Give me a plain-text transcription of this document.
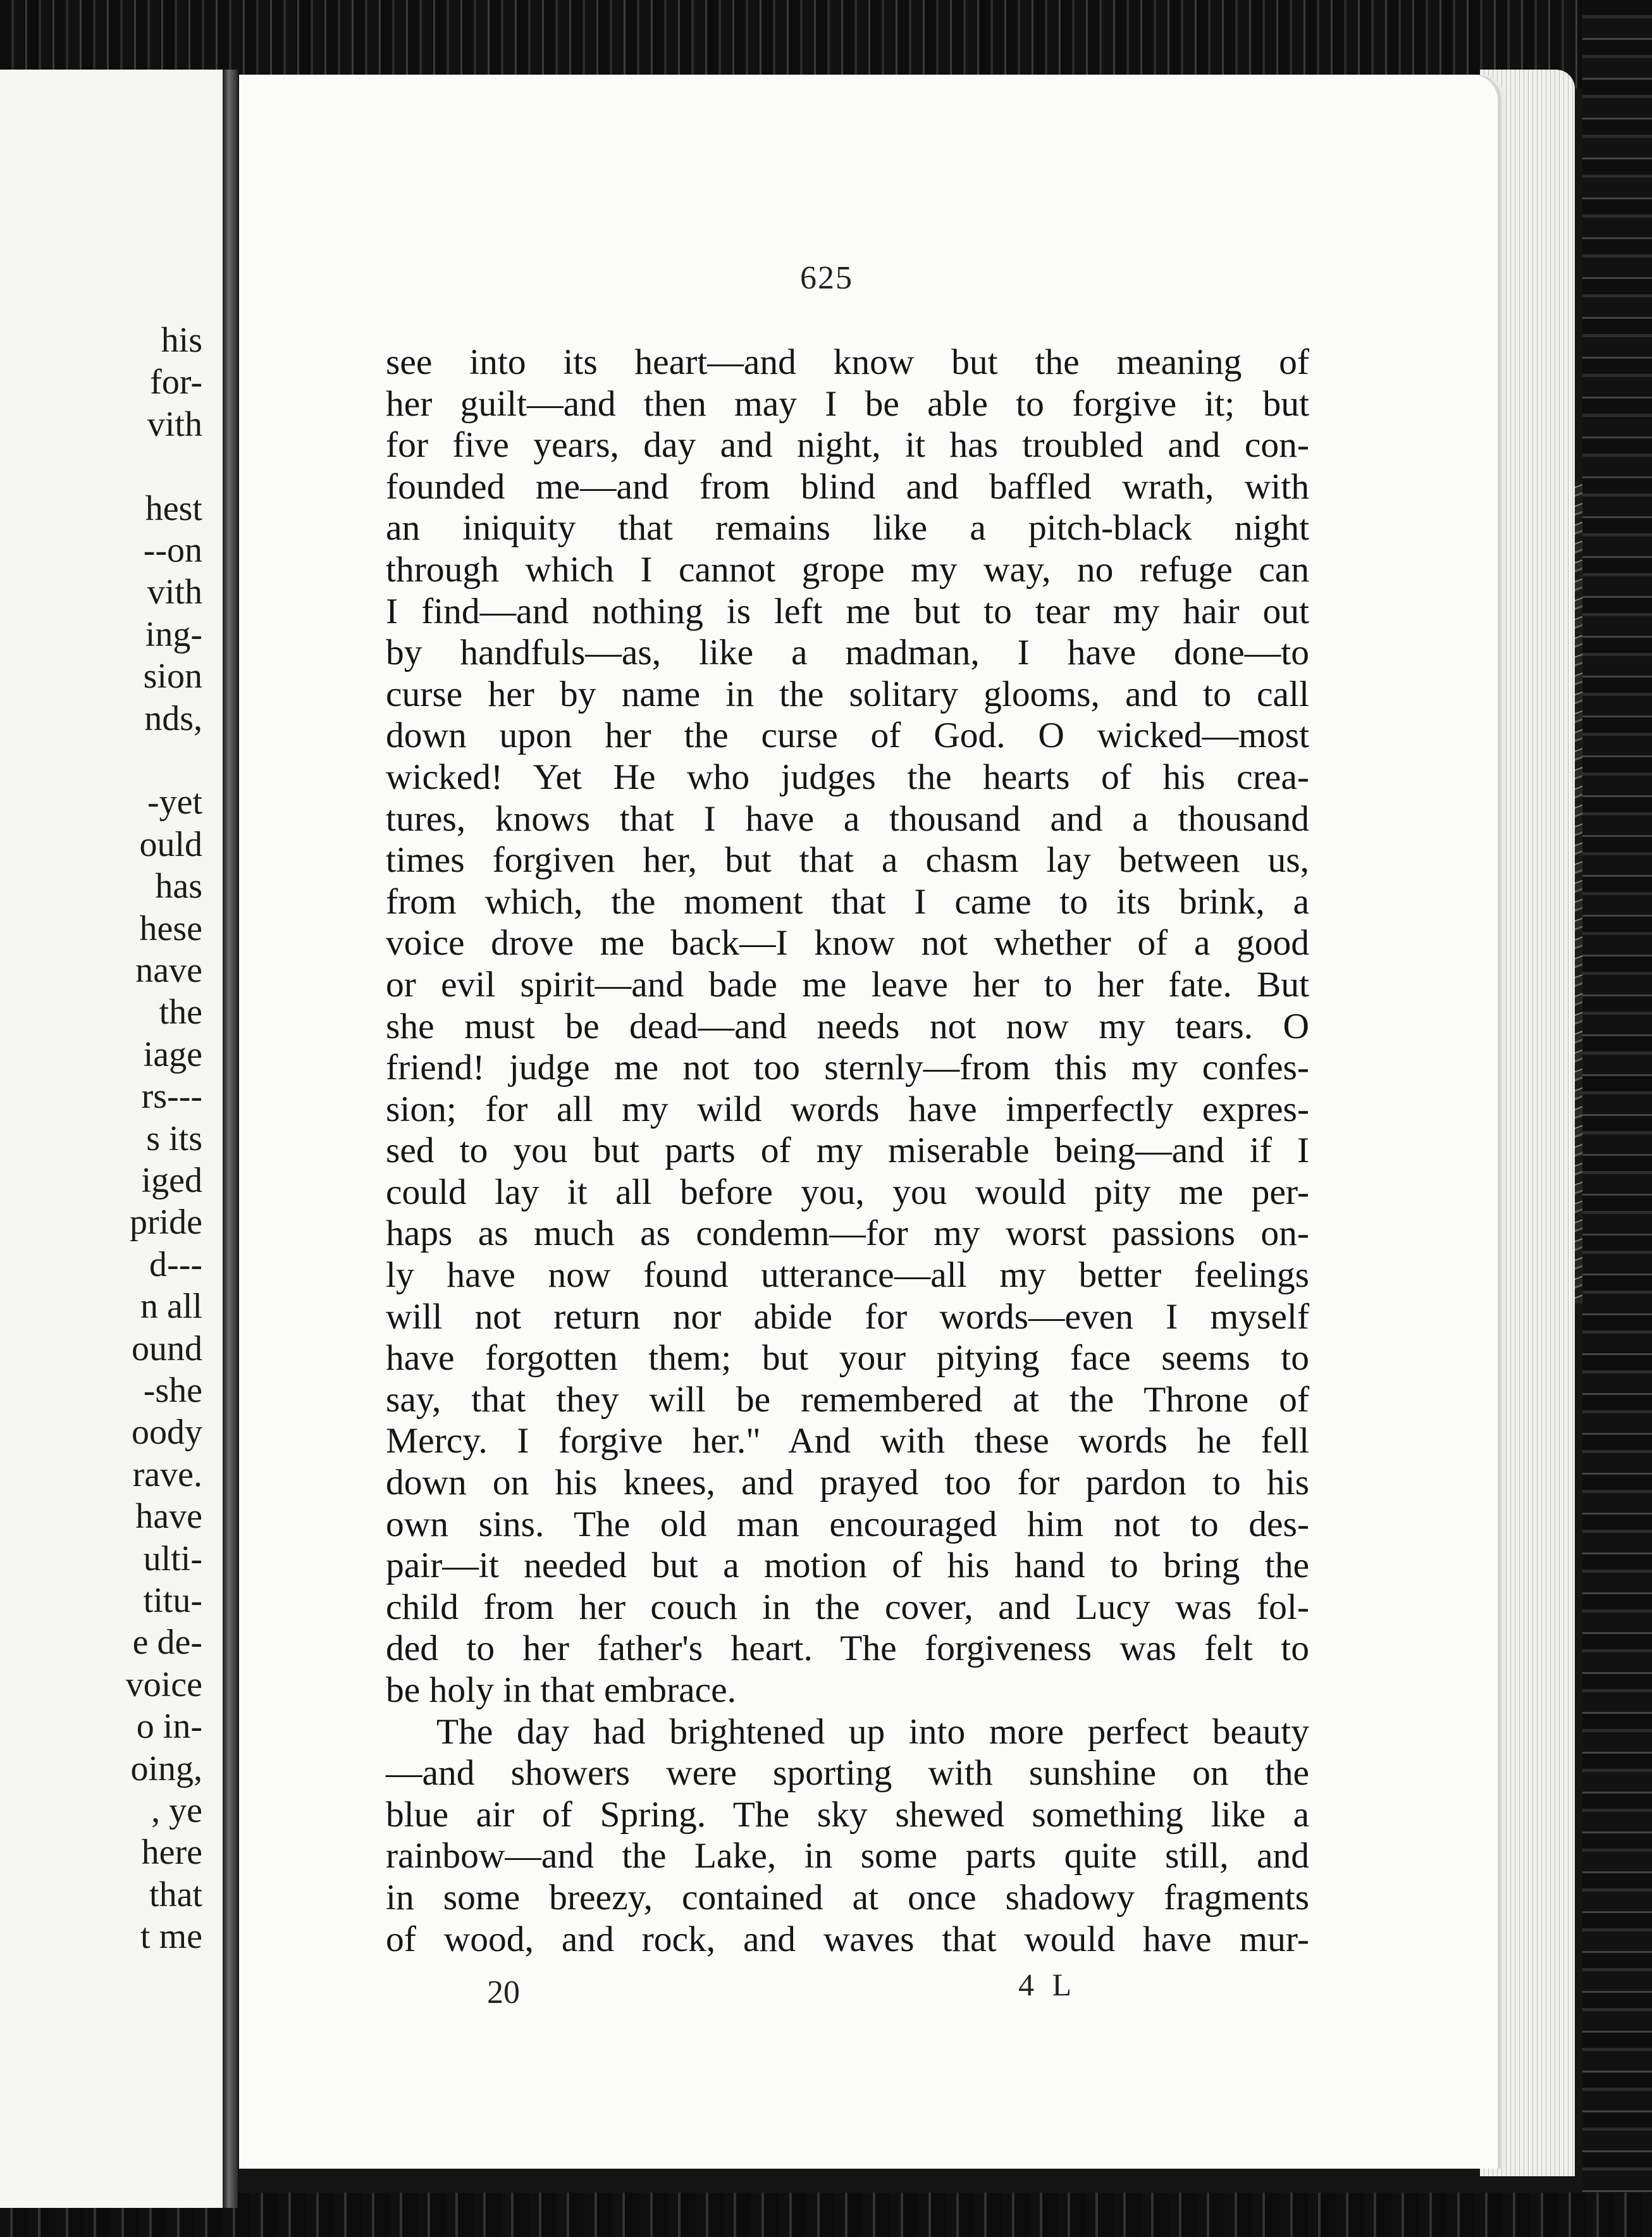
his
for-
vith
hest
--on
vith
ing-
sion
nds,
-yet
ould
has
hese
nave
the
iage
rs---
s its
iged
pride
d---
n all
ound
-she
oody
rave.
have
ulti-
titu-
e de-
voice
o in-
oing,
, ye
here
that
t me
625
see into its heart—and know but the meaning of
her guilt—and then may I be able to forgive it; but
for five years, day and night, it has troubled and con-
founded me—and from blind and baffled wrath, with
an iniquity that remains like a pitch-black night
through which I cannot grope my way, no refuge can
I find—and nothing is left me but to tear my hair out
by handfuls—as, like a madman, I have done—to
curse her by name in the solitary glooms, and to call
down upon her the curse of God. O wicked—most
wicked! Yet He who judges the hearts of his crea-
tures, knows that I have a thousand and a thousand
times forgiven her, but that a chasm lay between us,
from which, the moment that I came to its brink, a
voice drove me back—I know not whether of a good
or evil spirit—and bade me leave her to her fate. But
she must be dead—and needs not now my tears. O
friend! judge me not too sternly—from this my confes-
sion; for all my wild words have imperfectly expres-
sed to you but parts of my miserable being—and if I
could lay it all before you, you would pity me per-
haps as much as condemn—for my worst passions on-
ly have now found utterance—all my better feelings
will not return nor abide for words—even I myself
have forgotten them; but your pitying face seems to
say, that they will be remembered at the Throne of
Mercy. I forgive her." And with these words he fell
down on his knees, and prayed too for pardon to his
own sins. The old man encouraged him not to des-
pair—it needed but a motion of his hand to bring the
child from her couch in the cover, and Lucy was fol-
ded to her father's heart. The forgiveness was felt to
be holy in that embrace.
The day had brightened up into more perfect beauty
—and showers were sporting with sunshine on the
blue air of Spring. The sky shewed something like a
rainbow—and the Lake, in some parts quite still, and
in some breezy, contained at once shadowy fragments
of wood, and rock, and waves that would have mur-
20	4 L
